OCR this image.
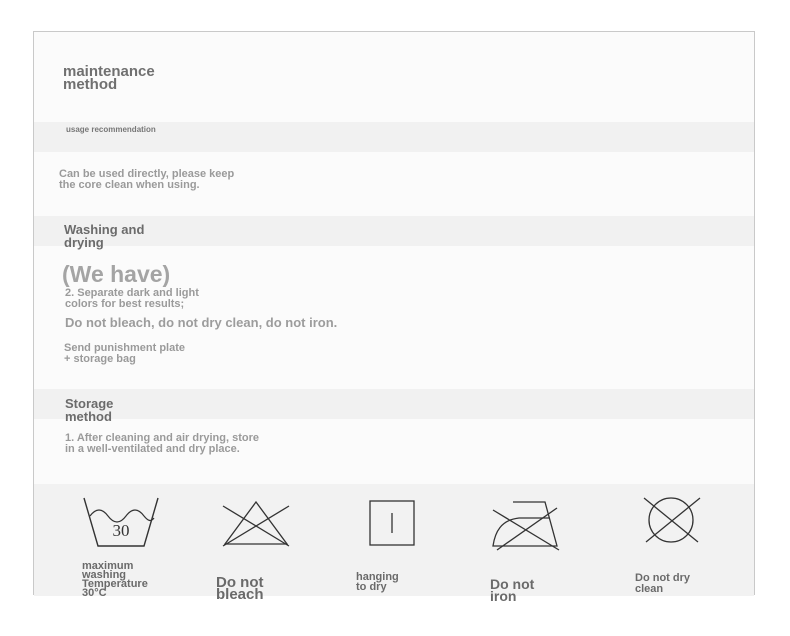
maintenance
method

usage recommendation

Can be used directly, please keep
the core clean when using.

Washing and
drying

(We have)

2. Separate dark and light
colors for best results;

Do not bleach, do not dry clean, do not iron.

Send punishment plate
+ storage bag

Storage
method

1. After cleaning and air drying, store
in a well-ventilated and dry place.

30

maximum
washing
Temperature
30°C

Do not
bleach

hanging
to dry	Do not
iron

Do not dry
clean
